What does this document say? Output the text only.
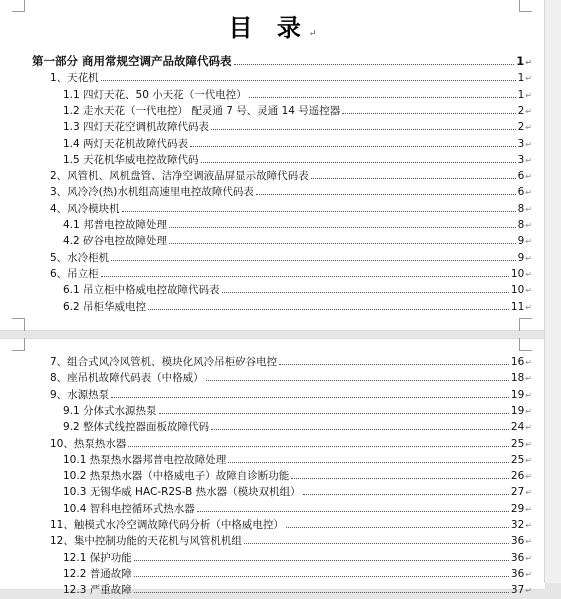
目 录↵
第一部分 商用常规空调产品故障代码表	1 ↵
1、天花机	1 ↵
1.1 四灯天花、50 小天花（一代电控）	1 ↵
1.2 走水天花（一代电控） 配灵通 7 号、灵通 14 号遥控器	2 ↵
1.3 四灯天花空调机故障代码表	2 ↵
1.4 两灯天花机故障代码表	3 ↵
1.5 天花机华威电控故障代码	3 ↵
2、风管机、风机盘管、洁净空调液晶屏显示故障代码表	6 ↵
3、风冷冷(热)水机组高速里电控故障代码表	6 ↵
4、风冷模块机	8 ↵
4.1 邦普电控故障处理	8 ↵
4.2 矽谷电控故障处理	9 ↵
5、水冷柜机	9 ↵
6、吊立柜	10 ↵
6.1 吊立柜中格威电控故障代码表	10 ↵
6.2 吊柜华威电控	11 ↵
7、组合式风冷风管机、模块化风冷吊柜矽谷电控	16 ↵
8、座吊机故障代码表（中格威）	18 ↵
9、水源热泵	19 ↵
9.1 分体式水源热泵	19 ↵
9.2 整体式线控器面板故障代码	24 ↵
10、热泵热水器	25 ↵
10.1 热泵热水器邦普电控故障处理	25 ↵
10.2 热泵热水器（中格威电子）故障自诊断功能	26 ↵
10.3 无锡华威 HAC-R2S-B 热水器（模块双机组）	27 ↵
10.4 智科电控循环式热水器	29 ↵
11、触模式水冷空调故障代码分析（中格威电控）	32 ↵
12、集中控制功能的天花机与风管机机组	36 ↵
12.1 保护功能	36 ↵
12.2 普通故障	36 ↵
12.3 严重故障	37 ↵
